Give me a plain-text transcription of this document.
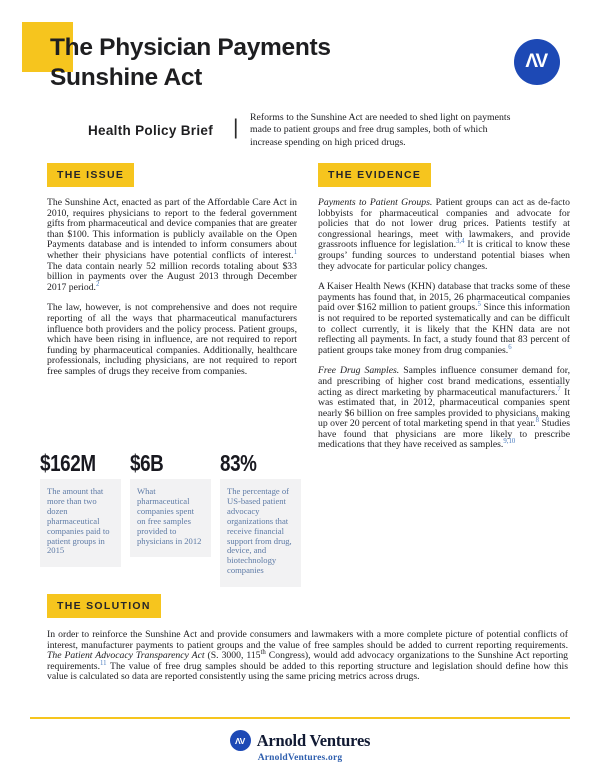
The Physician Payments
Sunshine Act
ΛV
Health Policy Brief | Reforms to the Sunshine Act are needed to shed light on payments made to patient groups and free drug samples, both of which increase spending on high priced drugs.

THE ISSUE	THE EVIDENCE
THE SOLUTION

The Sunshine Act, enacted as part of the Affordable Care Act in 2010, requires physicians to report to the federal government gifts from pharmaceutical and device companies that are greater than $100. This information is publicly available on the Open Payments database and is intended to inform consumers about whether their physicians have potential conflicts of interest.$^1$ The data contain nearly 52 million records totaling about $33 billion in payments over the August 2013 through December 2017 period.$^2$

The law, however, is not comprehensive and does not require reporting of all the ways that pharmaceutical manufacturers influence both providers and the policy process. Patient groups, which have been rising in influence, are not required to report funding by pharmaceutical companies. Additionally, healthcare professionals, including physicians, are not required to report free samples of drugs they receive from companies.

$162M
The amount that more than two dozen pharmaceutical companies paid to patient groups in 2015
$6B
What pharmaceutical companies spent on free samples provided to physicians in 2012
83%
The percentage of US-based patient advocacy organizations that receive financial support from drug, device, and biotechnology companies

Payments to Patient Groups. Patient groups can act as de-facto lobbyists for pharmaceutical companies and advocate for policies that do not lower drug prices. Patients testify at congressional hearings, meet with lawmakers, and provide grassroots influence for legislation.$^{3,4}$ It is critical to know these groups’ funding sources to understand potential biases when they advocate for particular policy changes.

A Kaiser Health News (KHN) database that tracks some of these payments has found that, in 2015, 26 pharmaceutical companies paid over $162 million to patient groups.$^5$ Since this information is not required to be reported systematically and can be difficult to collect currently, it is likely that the KHN data are not reflecting all payments. In fact, a study found that 83 percent of patient groups take money from drug companies.$^6$

Free Drug Samples. Samples influence consumer demand for, and prescribing of higher cost brand medications, essentially acting as direct marketing by pharmaceutical manufacturers.$^7$ It was estimated that, in 2012, pharmaceutical companies spent nearly $6 billion on free samples provided to physicians, making up over 20 percent of total marketing spend in that year.$^8$ Studies have found that physicians are more likely to prescribe medications that they have received as samples.$^{9,10}$

In order to reinforce the Sunshine Act and provide consumers and lawmakers with a more complete picture of potential conflicts of interest, manufacturer payments to patient groups and the value of free samples should be added to current reporting requirements. The Patient Advocacy Transparency Act (S. 3000, 115th Congress), would add advocacy organizations to the Sunshine Act reporting requirements.$^{11}$ The value of free drug samples should be added to this reporting structure and legislation should define how this value is calculated so data are reported consistently using the same pricing metrics across drugs.

ΛV Arnold Ventures
ArnoldVentures.org
